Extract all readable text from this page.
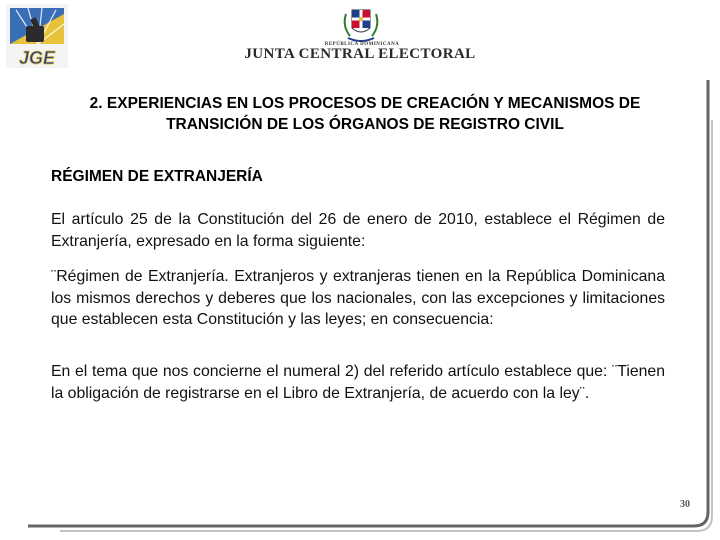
JGE
REPÚBLICA DOMINICANA
JUNTA CENTRAL ELECTORAL
2. EXPERIENCIAS EN LOS PROCESOS DE CREACIÓN Y MECANISMOS DE
TRANSICIÓN DE LOS ÓRGANOS DE REGISTRO CIVIL
RÉGIMEN DE EXTRANJERÍA

El artículo 25 de la Constitución del 26 de enero de 2010, establece el Régimen de Extranjería, expresado en la forma siguiente:

¨Régimen de Extranjería. Extranjeros y extranjeras tienen en la República Dominicana los mismos derechos y deberes que los nacionales, con las excepciones y limitaciones que establecen esta Constitución y las leyes; en consecuencia:

En el tema que nos concierne el numeral 2) del referido artículo establece que: ¨Tienen la obligación de registrarse en el Libro de Extranjería, de acuerdo con la ley¨.

30
